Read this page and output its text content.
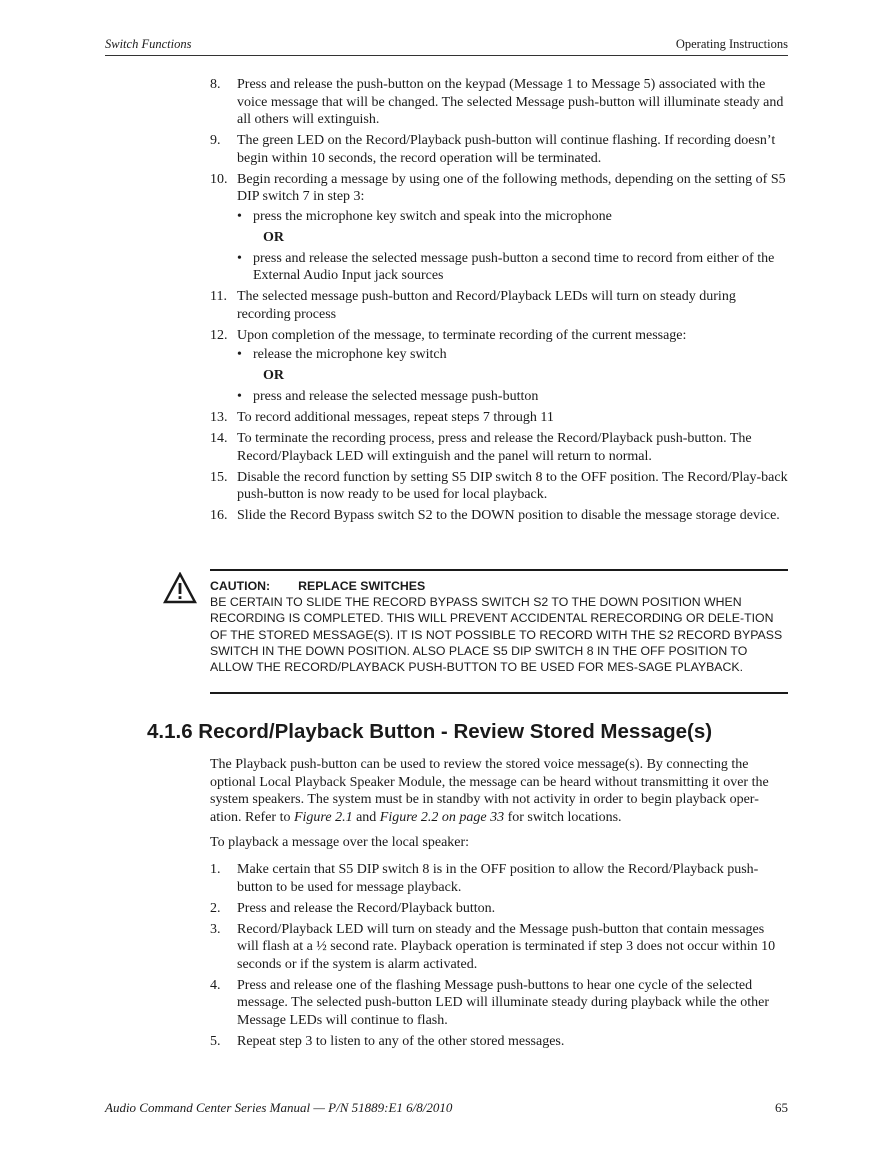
Switch Functions	Operating Instructions
8. Press and release the push-button on the keypad (Message 1 to Message 5) associated with the voice message that will be changed. The selected Message push-button will illuminate steady and all others will extinguish.
9. The green LED on the Record/Playback push-button will continue flashing. If recording doesn’t begin within 10 seconds, the record operation will be terminated.
10. Begin recording a message by using one of the following methods, depending on the setting of S5 DIP switch 7 in step 3:
• press the microphone key switch and speak into the microphone
OR
• press and release the selected message push-button a second time to record from either of the External Audio Input jack sources
11. The selected message push-button and Record/Playback LEDs will turn on steady during recording process
12. Upon completion of the message, to terminate recording of the current message:
• release the microphone key switch
OR
• press and release the selected message push-button
13. To record additional messages, repeat steps 7 through 11
14. To terminate the recording process, press and release the Record/Playback push-button. The Record/Playback LED will extinguish and the panel will return to normal.
15. Disable the record function by setting S5 DIP switch 8 to the OFF position. The Record/Play-back push-button is now ready to be used for local playback.
16. Slide the Record Bypass switch S2 to the DOWN position to disable the message storage device.
CAUTION: REPLACE SWITCHES
BE CERTAIN TO SLIDE THE RECORD BYPASS SWITCH S2 TO THE DOWN POSITION WHEN RECORDING IS COMPLETED. THIS WILL PREVENT ACCIDENTAL RERECORDING OR DELE-TION OF THE STORED MESSAGE(S). IT IS NOT POSSIBLE TO RECORD WITH THE S2 RECORD BYPASS SWITCH IN THE DOWN POSITION. ALSO PLACE S5 DIP SWITCH 8 IN THE OFF POSITION TO ALLOW THE RECORD/PLAYBACK PUSH-BUTTON TO BE USED FOR MES-SAGE PLAYBACK.
4.1.6 Record/Playback Button - Review Stored Message(s)

The Playback push-button can be used to review the stored voice message(s). By connecting the optional Local Playback Speaker Module, the message can be heard without transmitting it over the system speakers. The system must be in standby with not activity in order to begin playback oper-ation. Refer to Figure 2.1 and Figure 2.2 on page 33 for switch locations.

To playback a message over the local speaker:

1. Make certain that S5 DIP switch 8 is in the OFF position to allow the Record/Playback push-button to be used for message playback.
2. Press and release the Record/Playback button.
3. Record/Playback LED will turn on steady and the Message push-button that contain messages will flash at a ½ second rate. Playback operation is terminated if step 3 does not occur within 10 seconds or if the system is alarm activated.
4. Press and release one of the flashing Message push-buttons to hear one cycle of the selected message. The selected push-button LED will illuminate steady during playback while the other Message LEDs will continue to flash.
5. Repeat step 3 to listen to any of the other stored messages.
Audio Command Center Series Manual — P/N 51889:E1 6/8/2010	65
